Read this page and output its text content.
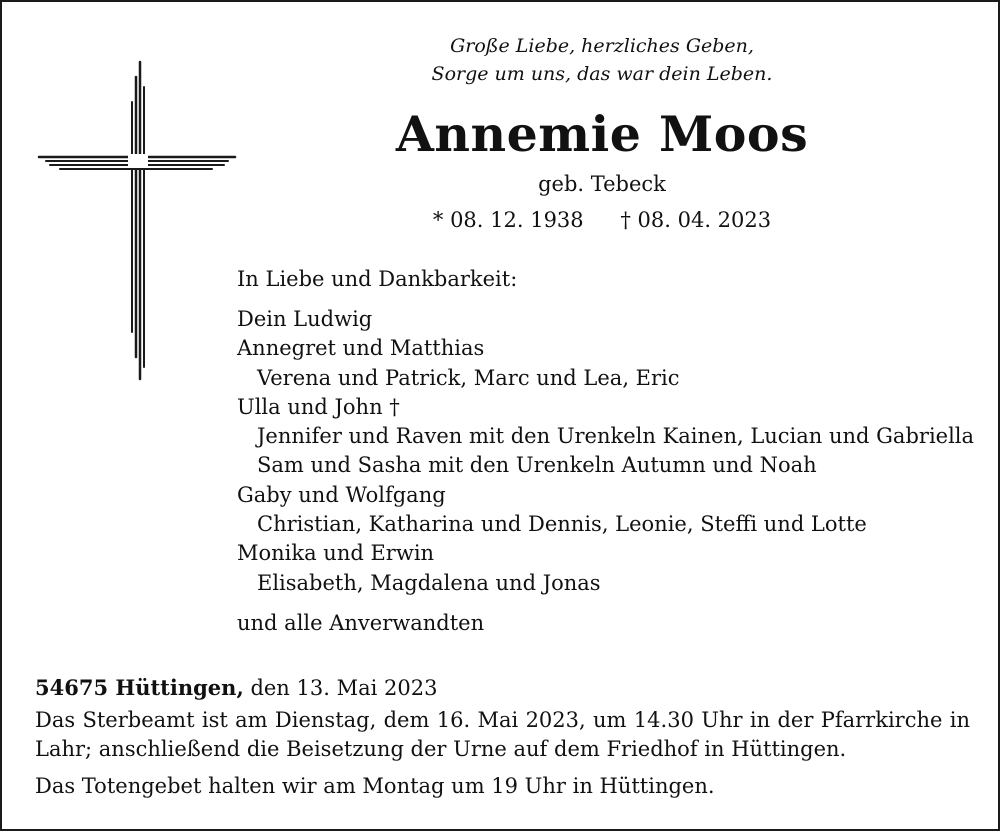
Große Liebe, herzliches Geben,
Sorge um uns, das war dein Leben.
Annemie Moos
geb. Tebeck
* 08. 12. 1938 † 08. 04. 2023
In Liebe und Dankbarkeit:
Dein Ludwig
Annegret und Matthias
Verena und Patrick, Marc und Lea, Eric
Ulla und John †
Jennifer und Raven mit den Urenkeln Kainen, Lucian und Gabriella
Sam und Sasha mit den Urenkeln Autumn und Noah
Gaby und Wolfgang
Christian, Katharina und Dennis, Leonie, Steffi und Lotte
Monika und Erwin
Elisabeth, Magdalena und Jonas
und alle Anverwandten
54675 Hüttingen, den 13. Mai 2023
Das Sterbeamt ist am Dienstag, dem 16. Mai 2023, um 14.30 Uhr in der Pfarrkirche in Lahr; anschließend die Beisetzung der Urne auf dem Friedhof in Hüttingen.
Das Totengebet halten wir am Montag um 19 Uhr in Hüttingen.
